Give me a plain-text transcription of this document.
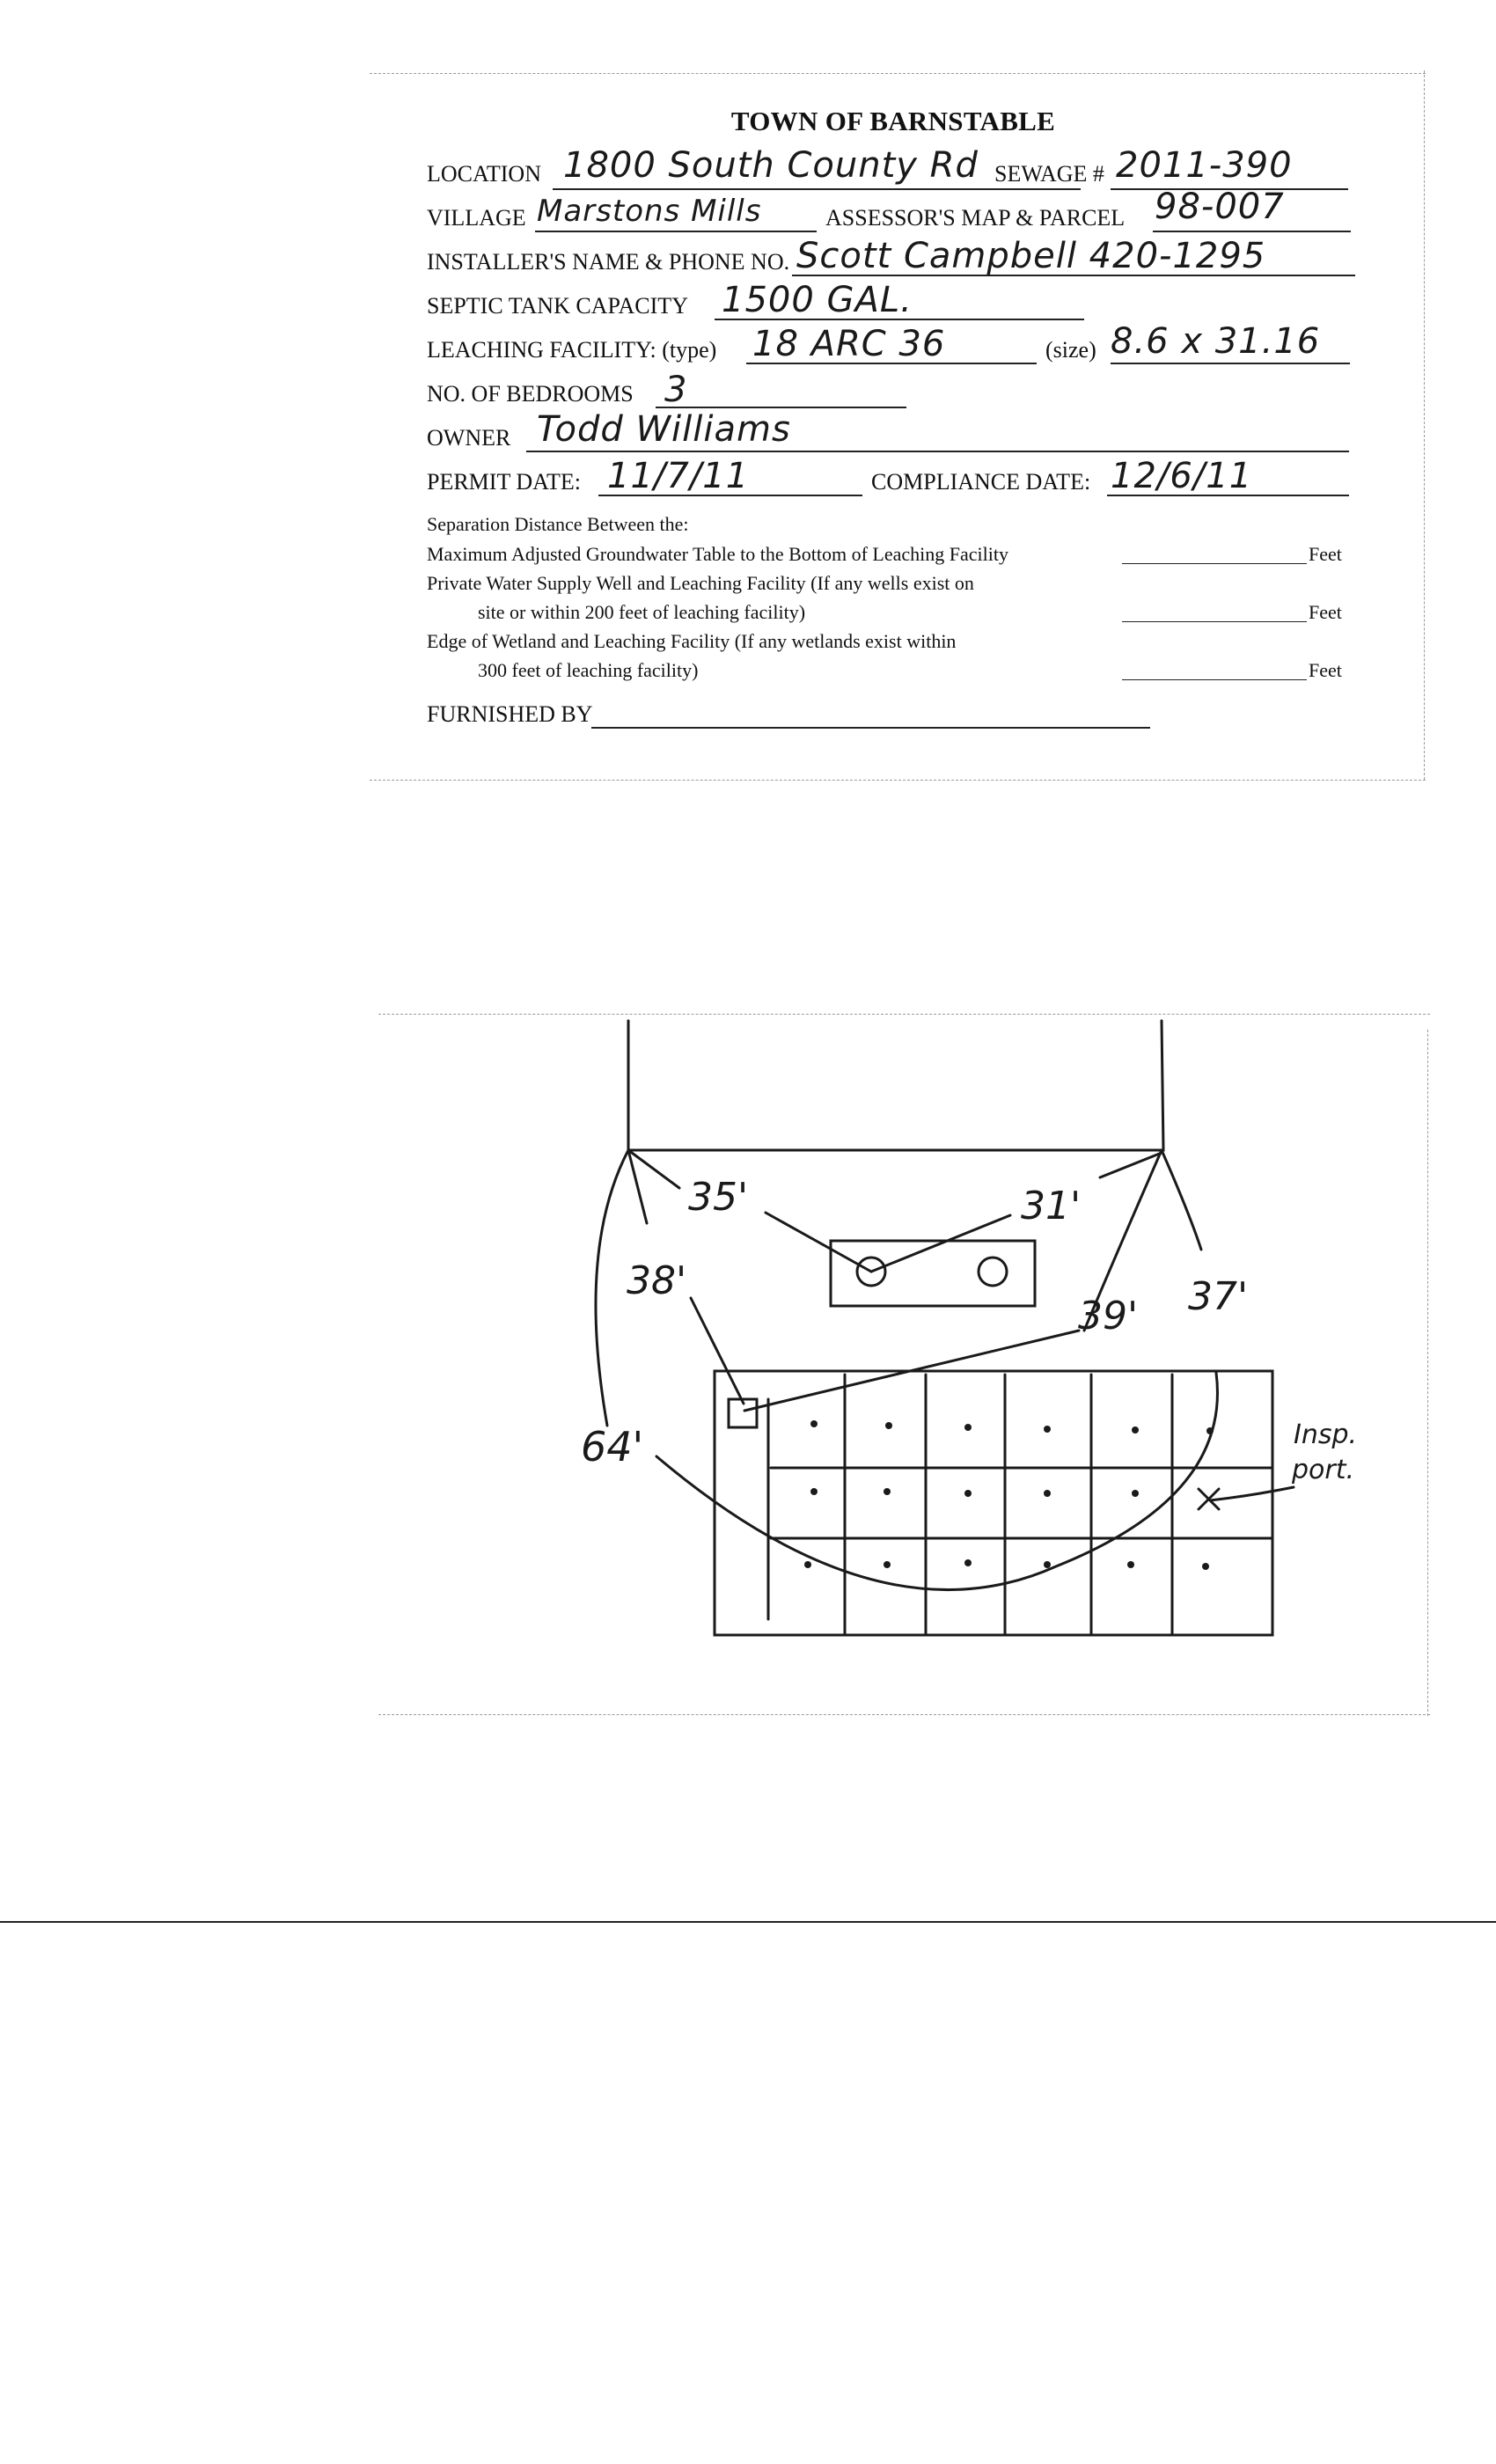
TOWN OF BARNSTABLE
LOCATION 1800 South County Rd SEWAGE # 2011-390
VILLAGE Marstons Mills	ASSESSOR'S MAP & PARCEL 98-007
INSTALLER'S NAME & PHONE NO. Scott Campbell 420-1295
SEPTIC TANK CAPACITY 1500 GAL.
LEACHING FACILITY: (type) 18 ARC 36	(size) 8.6 x 31.16
NO. OF BEDROOMS 3
OWNER Todd Williams
PERMIT DATE: 11/7/11	COMPLIANCE DATE: 12/6/11
Separation Distance Between the:
Maximum Adjusted Groundwater Table to the Bottom of Leaching Facility	Feet
Private Water Supply Well and Leaching Facility (If any wells exist on
site or within 200 feet of leaching facility)	Feet
Edge of Wetland and Leaching Facility (If any wetlands exist within
300 feet of leaching facility)	Feet
FURNISHED BY
35'	31'
38'
39' 37'
64'	Insp.
port.
